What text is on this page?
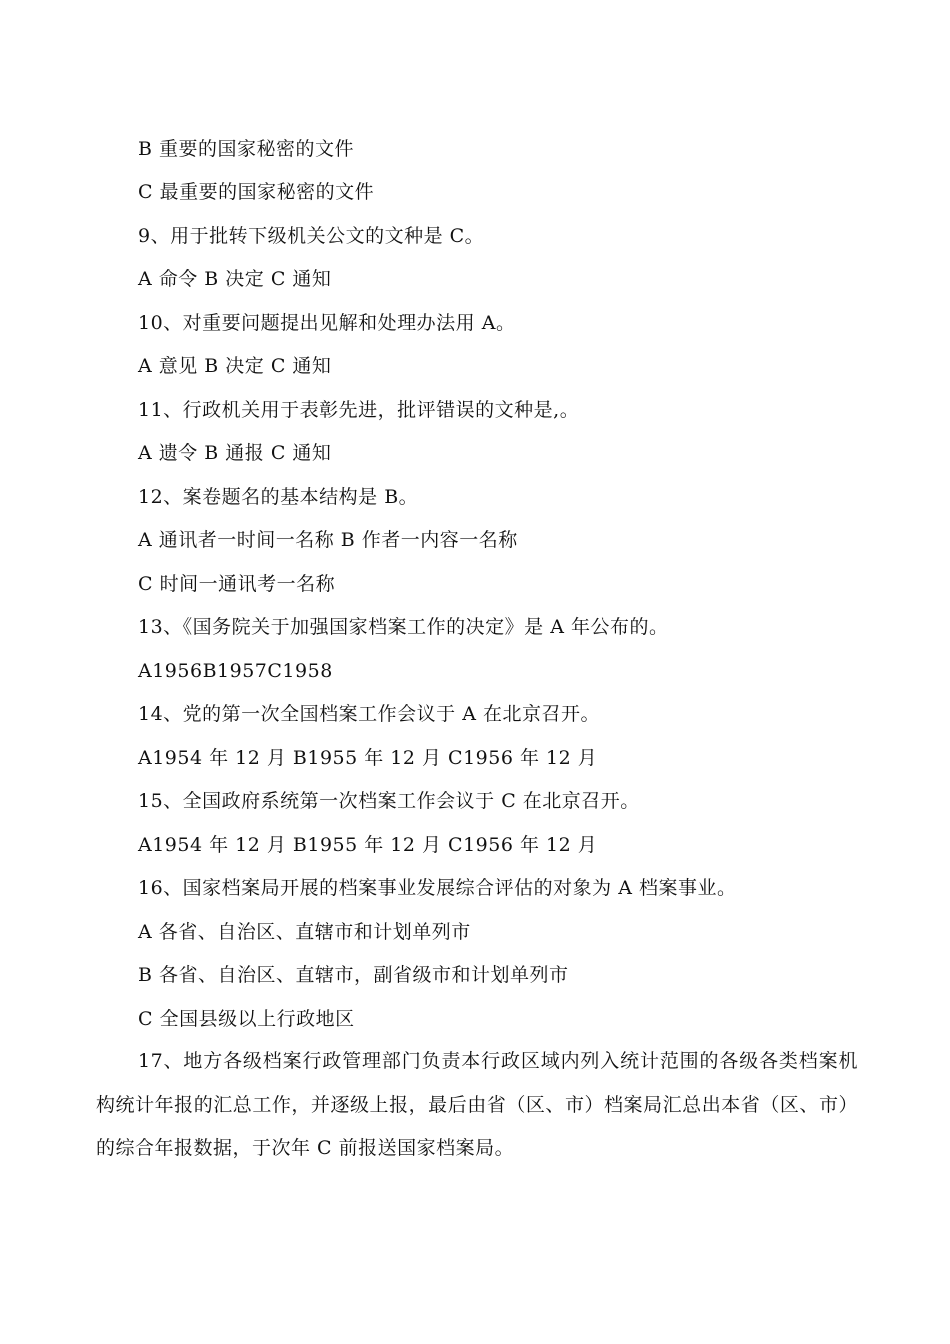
B 重要的国家秘密的文件
C 最重要的国家秘密的文件
9、用于批转下级机关公文的文种是 C。
A 命令 B 决定 C 通知
10、对重要问题提出见解和处理办法用 A。
A 意见 B 决定 C 通知
11、行政机关用于表彰先进，批评错误的文种是,。
A 遗令 B 通报 C 通知
12、案卷题名的基本结构是 B。
A 通讯者一时间一名称 B 作者一内容一名称
C 时间一通讯考一名称
13、《国务院关于加强国家档案工作的决定》是 A 年公布的。
A1956B1957C1958
14、党的第一次全国档案工作会议于 A 在北京召开。
A1954 年 12 月 B1955 年 12 月 C1956 年 12 月
15、全国政府系统第一次档案工作会议于 C 在北京召开。
A1954 年 12 月 B1955 年 12 月 C1956 年 12 月
16、国家档案局开展的档案事业发展综合评估的对象为 A 档案事业。
A 各省、自治区、直辖市和计划单列市
B 各省、自治区、直辖市，副省级市和计划单列市
C 全国县级以上行政地区
17、地方各级档案行政管理部门负责本行政区域内列入统计范围的各级各类档案机构统计年报的汇总工作，并逐级上报，最后由省（区、市）档案局汇总出本省（区、市）的综合年报数据，于次年 C 前报送国家档案局。
